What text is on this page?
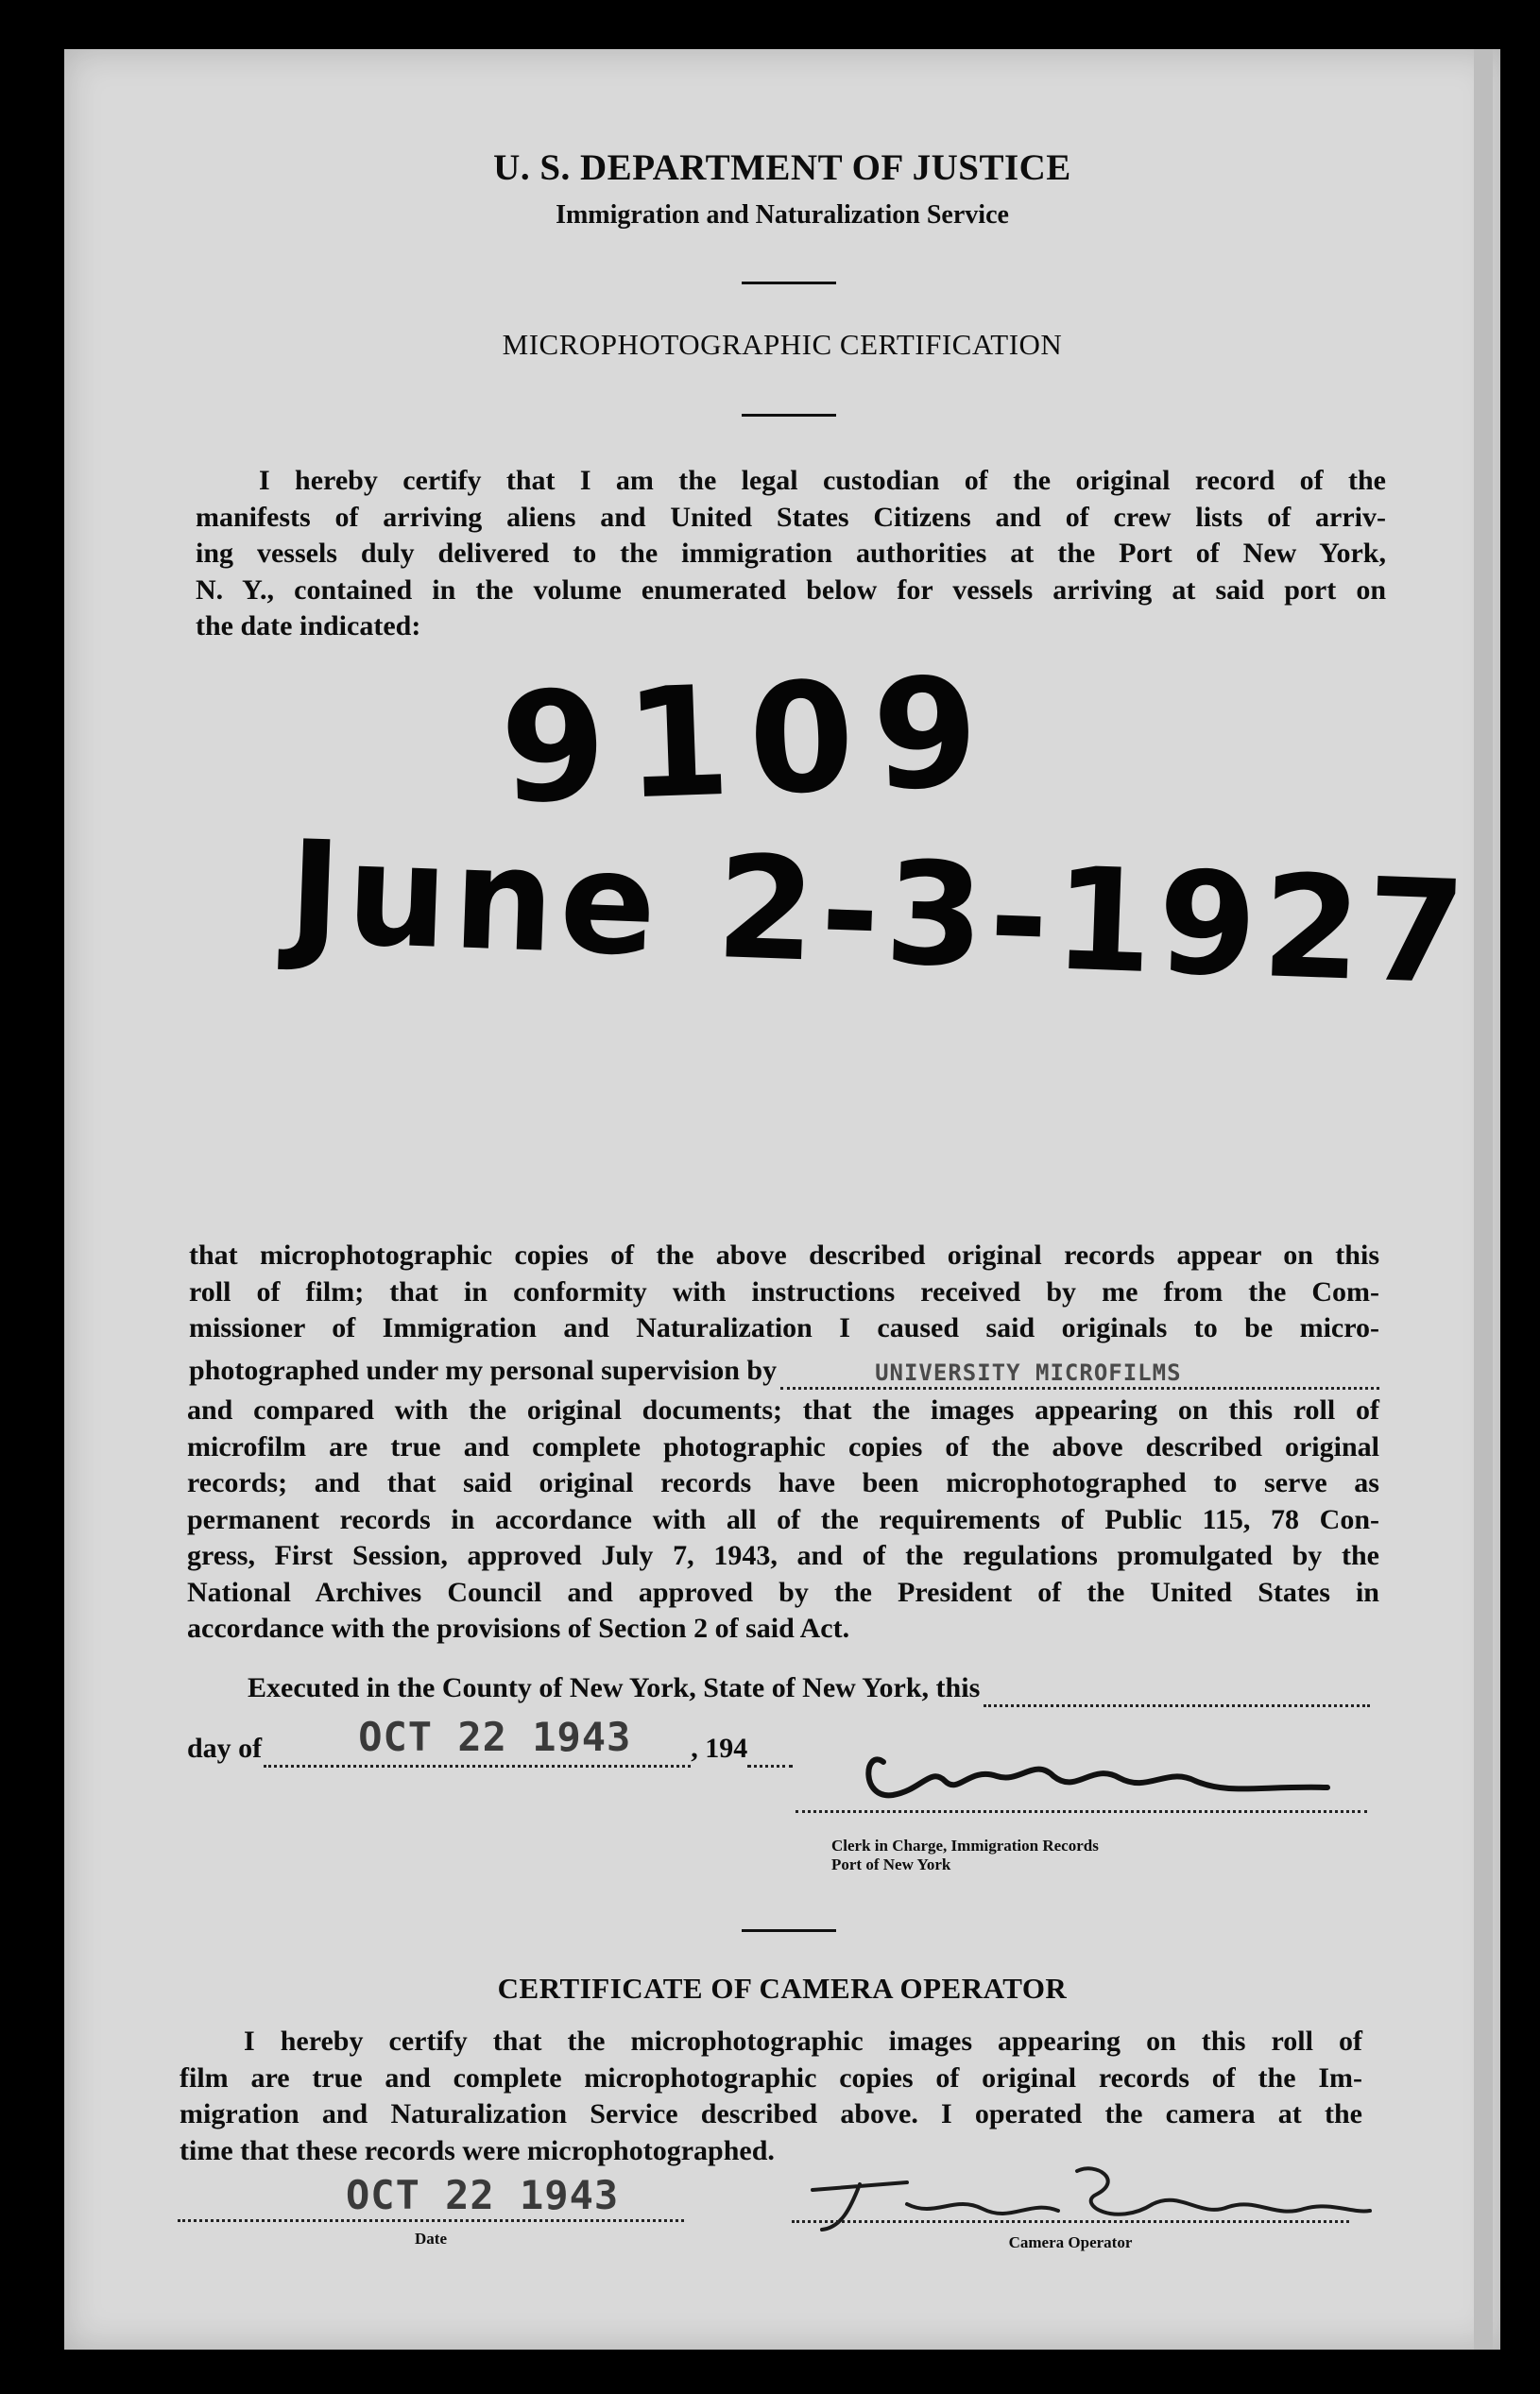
U. S. DEPARTMENT OF JUSTICE
Immigration and Naturalization Service
MICROPHOTOGRAPHIC CERTIFICATION
I hereby certify that I am the legal custodian of the original record of the
manifests of arriving aliens and United States Citizens and of crew lists of arriv-
ing vessels duly delivered to the immigration authorities at the Port of New York,
N. Y., contained in the volume enumerated below for vessels arriving at said port on
the date indicated:
9109
June 2-3-1927
that microphotographic copies of the above described original records appear on this
roll of film; that in conformity with instructions received by me from the Com-
missioner of Immigration and Naturalization I caused said originals to be micro-
photographed under my personal supervision by	UNIVERSITY MICROFILMS
and compared with the original documents; that the images appearing on this roll of
microfilm are true and complete photographic copies of the above described original
records; and that said original records have been microphotographed to serve as
permanent records in accordance with all of the requirements of Public 115, 78 Con-
gress, First Session, approved July 7, 1943, and of the regulations promulgated by the
National Archives Council and approved by the President of the United States in
accordance with the provisions of Section 2 of said Act.
Executed in the County of New York, State of New York, this
day of OCT 22 1943 , 194
Clerk in Charge, Immigration Records
Port of New York
CERTIFICATE OF CAMERA OPERATOR
I hereby certify that the microphotographic images appearing on this roll of
film are true and complete microphotographic copies of original records of the Im-
migration and Naturalization Service described above. I operated the camera at the
time that these records were microphotographed.
OCT 22 1943
Date	Camera Operator
